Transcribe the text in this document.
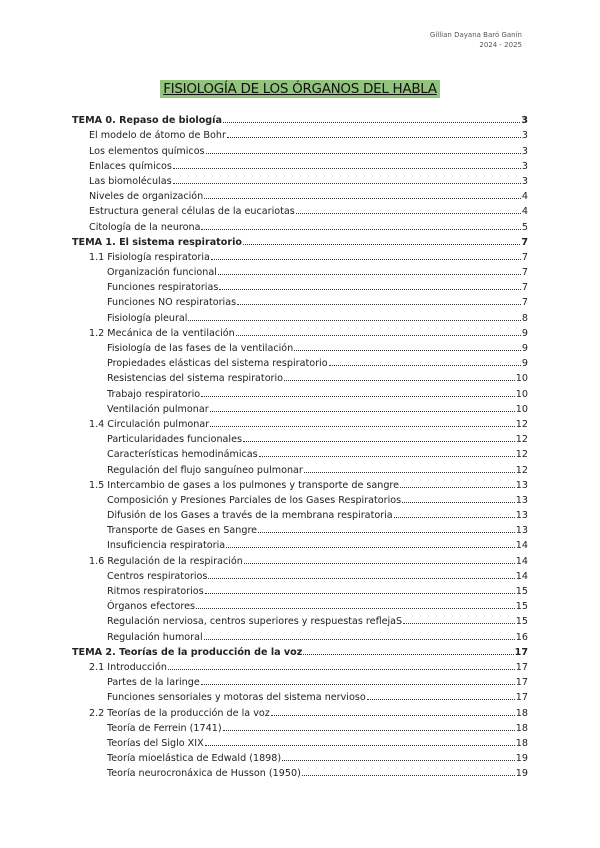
Gillian Dayana Baró Ganín
2024 - 2025
FISIOLOGÍA DE LOS ÓRGANOS DEL HABLA
TEMA 0. Repaso de biología	3
El modelo de átomo de Bohr	3
Los elementos químicos	3
Enlaces químicos	3
Las biomoléculas	3
Niveles de organización	4
Estructura general células de la eucariotas	4
Citología de la neurona	5
TEMA 1. El sistema respiratorio	7
1.1 Fisiología respiratoria	7
Organización funcional	7
Funciones respiratorias	7
Funciones NO respiratorias	7
Fisiología pleural	8
1.2 Mecánica de la ventilación	9
Fisiología de las fases de la ventilación	9
Propiedades elásticas del sistema respiratorio	9
Resistencias del sistema respiratorio	10
Trabajo respiratorio	10
Ventilación pulmonar	10
1.4 Circulación pulmonar	12
Particularidades funcionales	12
Características hemodinámicas	12
Regulación del flujo sanguíneo pulmonar	12
1.5 Intercambio de gases a los pulmones y transporte de sangre	13
Composición y Presiones Parciales de los Gases Respiratorios	13
Difusión de los Gases a través de la membrana respiratoria	13
Transporte de Gases en Sangre	13
Insuficiencia respiratoria	14
1.6 Regulación de la respiración	14
Centros respiratorios	14
Ritmos respiratorios	15
Órganos efectores	15
Regulación nerviosa, centros superiores y respuestas reflejaS	15
Regulación humoral	16
TEMA 2. Teorías de la producción de la voz	17
2.1 Introducción	17
Partes de la laringe	17
Funciones sensoriales y motoras del sistema nervioso	17
2.2 Teorías de la producción de la voz	18
Teoría de Ferrein (1741)	18
Teorías del Siglo XIX	18
Teoría mioelástica de Edwald (1898)	19
Teoría neurocronáxica de Husson (1950)	19
